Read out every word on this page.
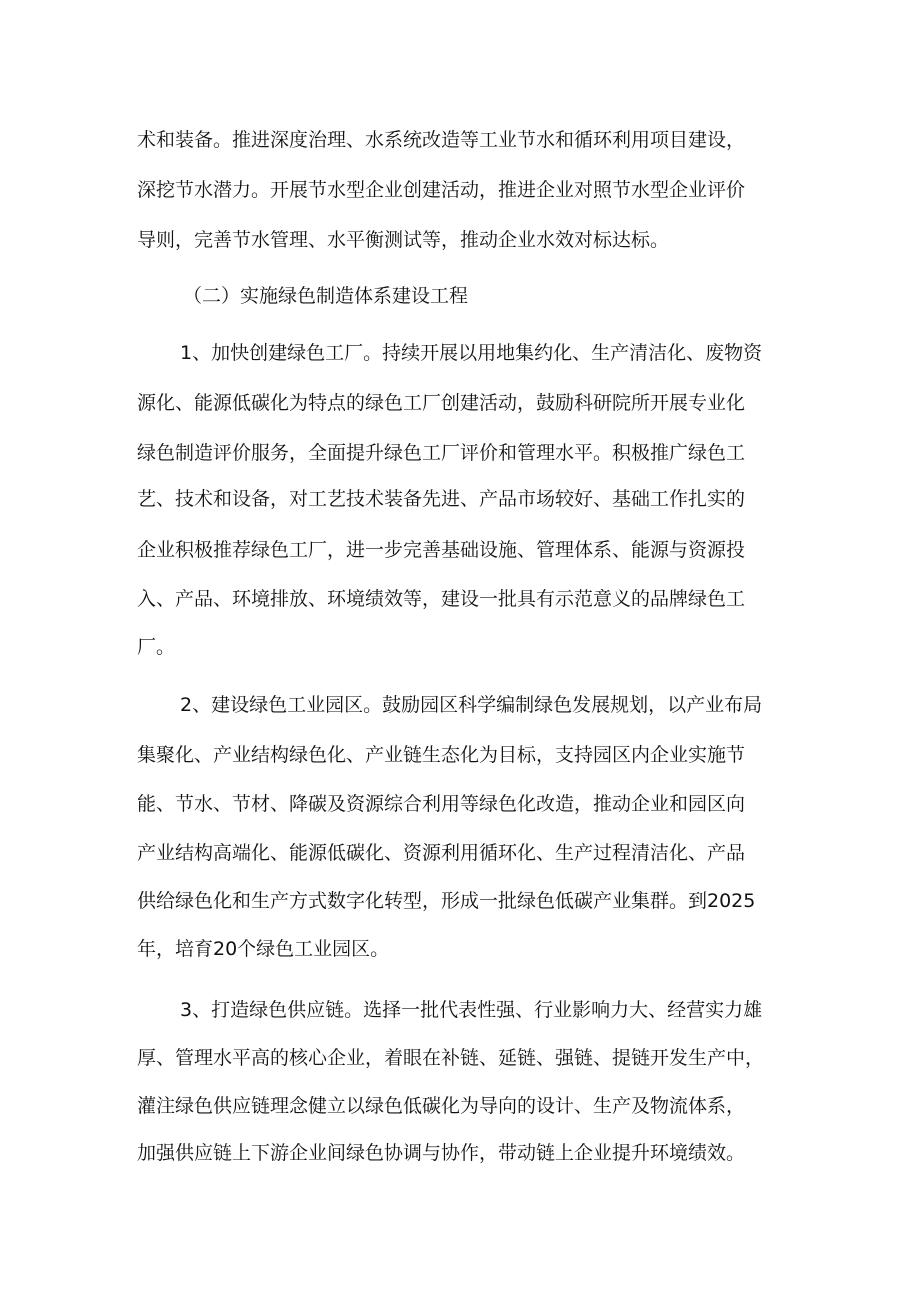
术和装备。推进深度治理、水系统改造等工业节水和循环利用项目建设，

深挖节水潜力。开展节水型企业创建活动，推进企业对照节水型企业评价

导则，完善节水管理、水平衡测试等，推动企业水效对标达标。

（二）实施绿色制造体系建设工程

1、加快创建绿色工厂。持续开展以用地集约化、生产清洁化、废物资

源化、能源低碳化为特点的绿色工厂创建活动，鼓励科研院所开展专业化

绿色制造评价服务，全面提升绿色工厂评价和管理水平。积极推广绿色工

艺、技术和设备，对工艺技术装备先进、产品市场较好、基础工作扎实的

企业积极推荐绿色工厂，进一步完善基础设施、管理体系、能源与资源投

入、产品、环境排放、环境绩效等，建设一批具有示范意义的品牌绿色工

厂。

2、建设绿色工业园区。鼓励园区科学编制绿色发展规划，以产业布局

集聚化、产业结构绿色化、产业链生态化为目标，支持园区内企业实施节

能、节水、节材、降碳及资源综合利用等绿色化改造，推动企业和园区向

产业结构高端化、能源低碳化、资源利用循环化、生产过程清洁化、产品

供给绿色化和生产方式数字化转型，形成一批绿色低碳产业集群。到2025

年，培育20个绿色工业园区。

3、打造绿色供应链。选择一批代表性强、行业影响力大、经营实力雄

厚、管理水平高的核心企业，着眼在补链、延链、强链、提链开发生产中，

灌注绿色供应链理念健立以绿色低碳化为导向的设计、生产及物流体系，

加强供应链上下游企业间绿色协调与协作，带动链上企业提升环境绩效。
